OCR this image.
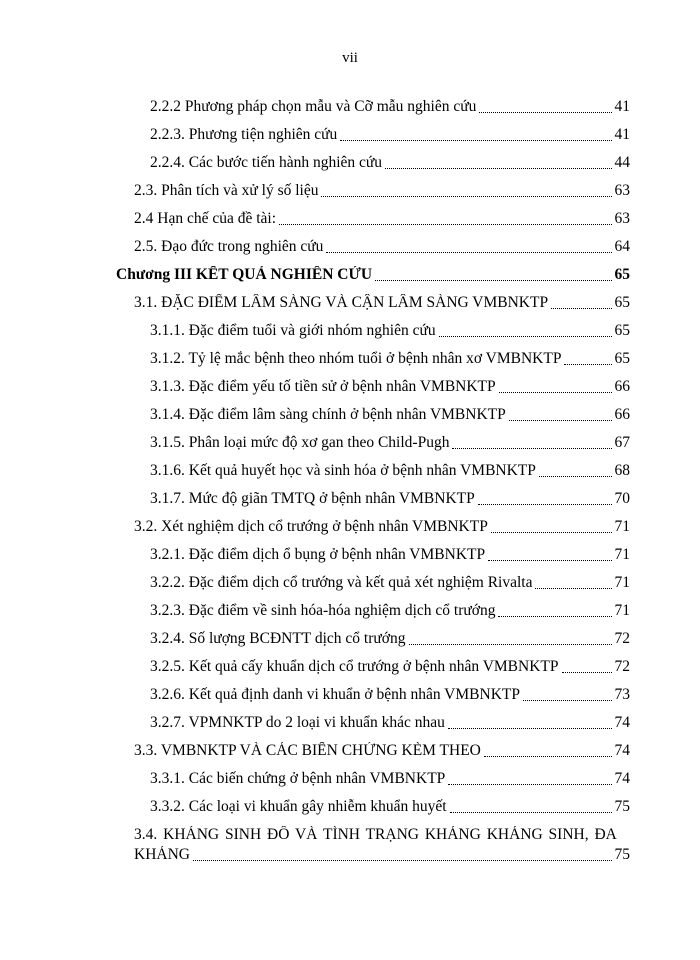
vii
2.2.2 Phương pháp chọn mẫu và Cỡ mẫu nghiên cứu	41
2.2.3. Phương tiện nghiên cứu	41
2.2.4. Các bước tiến hành nghiên cứu	44
2.3. Phân tích và xử lý số liệu	63
2.4 Hạn chế của đề tài:	63
2.5. Đạo đức trong nghiên cứu	64
Chương III KẾT QUẢ NGHIÊN CỨU	65
3.1. ĐẶC ĐIỂM LÂM SÀNG VÀ CẬN LÂM SÀNG VMBNKTP	65
3.1.1. Đặc điểm tuổi và giới nhóm nghiên cứu	65
3.1.2. Tỷ lệ mắc bệnh theo nhóm tuổi ở bệnh nhân xơ VMBNKTP	65
3.1.3. Đặc điểm yếu tố tiền sử ở bệnh nhân VMBNKTP	66
3.1.4. Đặc điểm lâm sàng chính ở bệnh nhân VMBNKTP	66
3.1.5. Phân loại mức độ xơ gan theo Child-Pugh	67
3.1.6. Kết quả huyết học và sinh hóa ở bệnh nhân VMBNKTP	68
3.1.7. Mức độ giãn TMTQ ở bệnh nhân VMBNKTP	70
3.2. Xét nghiệm dịch cổ trướng ở bệnh nhân VMBNKTP	71
3.2.1. Đặc điểm dịch ổ bụng ở bệnh nhân VMBNKTP	71
3.2.2. Đặc điểm dịch cổ trướng và kết quả xét nghiệm Rivalta	71
3.2.3. Đặc điểm về sinh hóa-hóa nghiệm dịch cổ trướng	71
3.2.4. Số lượng BCĐNTT dịch cổ trướng	72
3.2.5. Kết quả cấy khuẩn dịch cổ trướng ở bệnh nhân VMBNKTP	72
3.2.6. Kết quả định danh vi khuẩn ở bệnh nhân VMBNKTP	73
3.2.7. VPMNKTP do 2 loại vi khuẩn khác nhau	74
3.3. VMBNKTP VÀ CÁC BIẾN CHỨNG KÈM THEO	74
3.3.1. Các biến chứng ở bệnh nhân VMBNKTP	74
3.3.2. Các loại vi khuẩn gây nhiễm khuẩn huyết	75
3.4. KHÁNG SINH ĐỒ VÀ TÌNH TRẠNG KHÁNG KHÁNG SINH, ĐA
KHÁNG	75
